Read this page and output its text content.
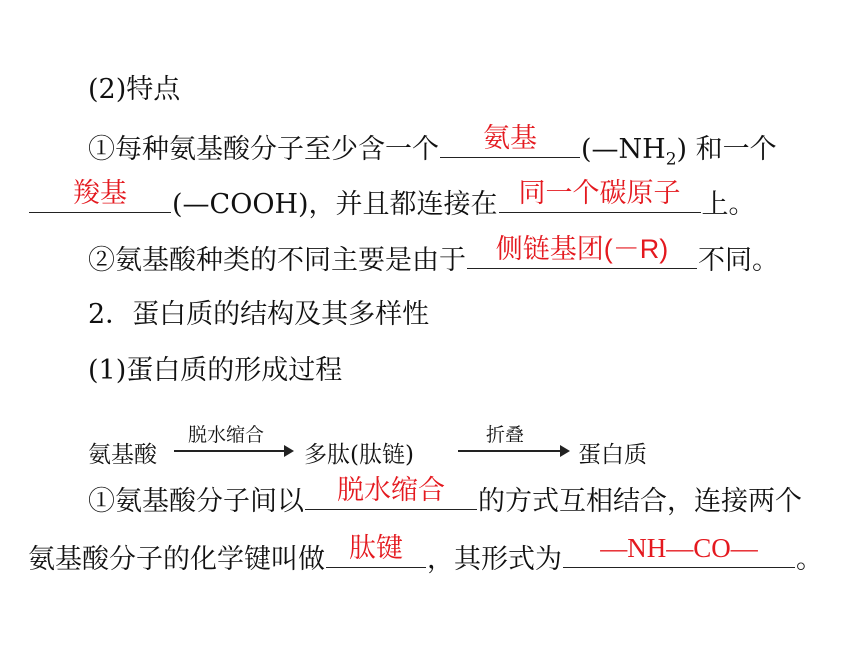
(2)特点
①每种氨基酸分子至少含一个	氨基	$(—NH_2)$ 和一个
羧基	(—COOH)，并且都连接在 同一个碳原子 上。
②氨基酸种类的不同主要是由于	侧链基团(－R)	不同。
2．蛋白质的结构及其多样性
(1)蛋白质的形成过程
氨基酸
脱水缩合
多肽(肽链)
折叠
蛋白质
①氨基酸分子间以	脱水缩合	的方式互相结合，连接两个
氨基酸分子的化学键叫做 肽键 ，其形式为	—NH—CO—	。
